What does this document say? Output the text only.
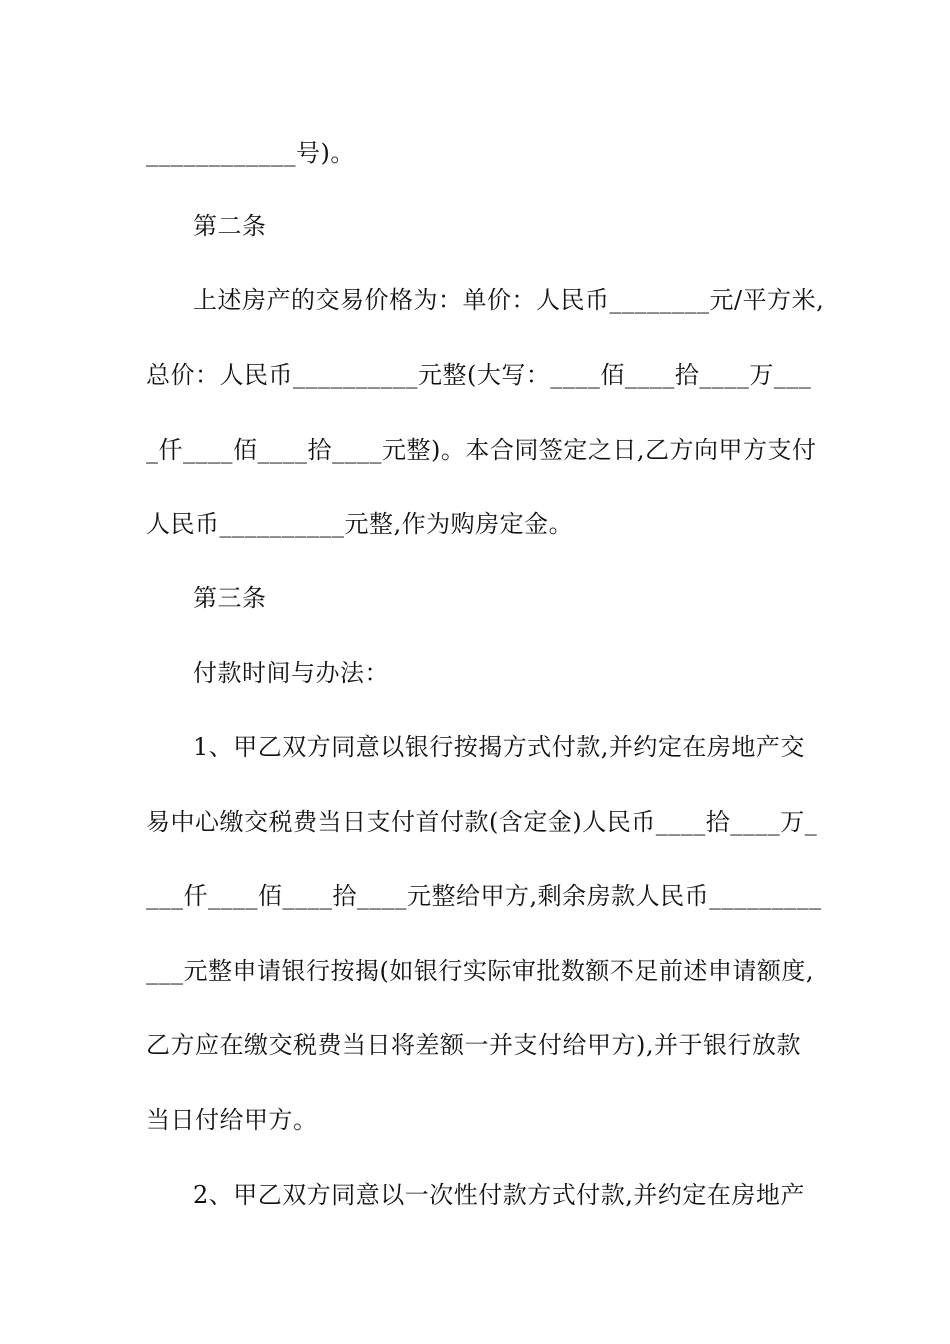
____________号)。
第二条
上述房产的交易价格为：单价：人民币________元/平方米,
总价：人民币__________元整(大写：____佰____拾____万___
_仟____佰____拾____元整)。本合同签定之日,乙方向甲方支付
人民币__________元整,作为购房定金。
第三条
付款时间与办法：
1、甲乙双方同意以银行按揭方式付款,并约定在房地产交
易中心缴交税费当日支付首付款(含定金)人民币____拾____万_
___仟____佰____拾____元整给甲方,剩余房款人民币_________
___元整申请银行按揭(如银行实际审批数额不足前述申请额度,
乙方应在缴交税费当日将差额一并支付给甲方),并于银行放款
当日付给甲方。
2、甲乙双方同意以一次性付款方式付款,并约定在房地产
